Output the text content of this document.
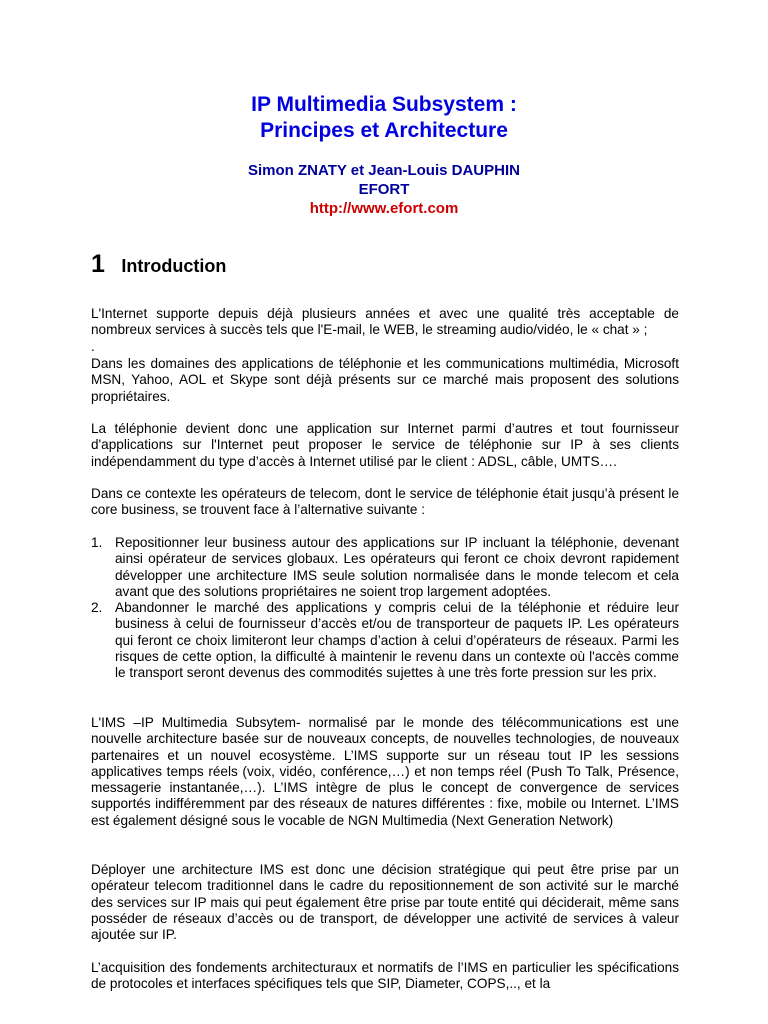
IP Multimedia Subsystem :
Principes et Architecture
Simon ZNATY et Jean-Louis DAUPHIN
EFORT
http://www.efort.com
1 Introduction

L'Internet supporte depuis déjà plusieurs années et avec une qualité très acceptable de nombreux services à succès tels que l'E-mail, le WEB, le streaming audio/vidéo, le « chat » ;

.

Dans les domaines des applications de téléphonie et les communications multimédia, Microsoft MSN, Yahoo, AOL et Skype sont déjà présents sur ce marché mais proposent des solutions propriétaires.

La téléphonie devient donc une application sur Internet parmi d’autres et tout fournisseur d'applications sur l'Internet peut proposer le service de téléphonie sur IP à ses clients indépendamment du type d’accès à Internet utilisé par le client : ADSL, câble, UMTS….

Dans ce contexte les opérateurs de telecom, dont le service de téléphonie était jusqu’à présent le core business, se trouvent face à l’alternative suivante :

1. Repositionner leur business autour des applications sur IP incluant la téléphonie, devenant ainsi opérateur de services globaux. Les opérateurs qui feront ce choix devront rapidement développer une architecture IMS seule solution normalisée dans le monde telecom et cela avant que des solutions propriétaires ne soient trop largement adoptées.
2. Abandonner le marché des applications y compris celui de la téléphonie et réduire leur business à celui de fournisseur d’accès et/ou de transporteur de paquets IP. Les opérateurs qui feront ce choix limiteront leur champs d’action à celui d’opérateurs de réseaux. Parmi les risques de cette option, la difficulté à maintenir le revenu dans un contexte où l'accès comme le transport seront devenus des commodités sujettes à une très forte pression sur les prix.

L'IMS –IP Multimedia Subsytem- normalisé par le monde des télécommunications est une nouvelle architecture basée sur de nouveaux concepts, de nouvelles technologies, de nouveaux partenaires et un nouvel ecosystème. L’IMS supporte sur un réseau tout IP les sessions applicatives temps réels (voix, vidéo, conférence,…) et non temps réel (Push To Talk, Présence, messagerie instantanée,…). L’IMS intègre de plus le concept de convergence de services supportés indifféremment par des réseaux de natures différentes : fixe, mobile ou Internet. L’IMS est également désigné sous le vocable de NGN Multimedia (Next Generation Network)

Déployer une architecture IMS est donc une décision stratégique qui peut être prise par un opérateur telecom traditionnel dans le cadre du repositionnement de son activité sur le marché des services sur IP mais qui peut également être prise par toute entité qui déciderait, même sans posséder de réseaux d’accès ou de transport, de développer une activité de services à valeur ajoutée sur IP.

L’acquisition des fondements architecturaux et normatifs de l’IMS en particulier les spécifications de protocoles et interfaces spécifiques tels que SIP, Diameter, COPS,.., et la
